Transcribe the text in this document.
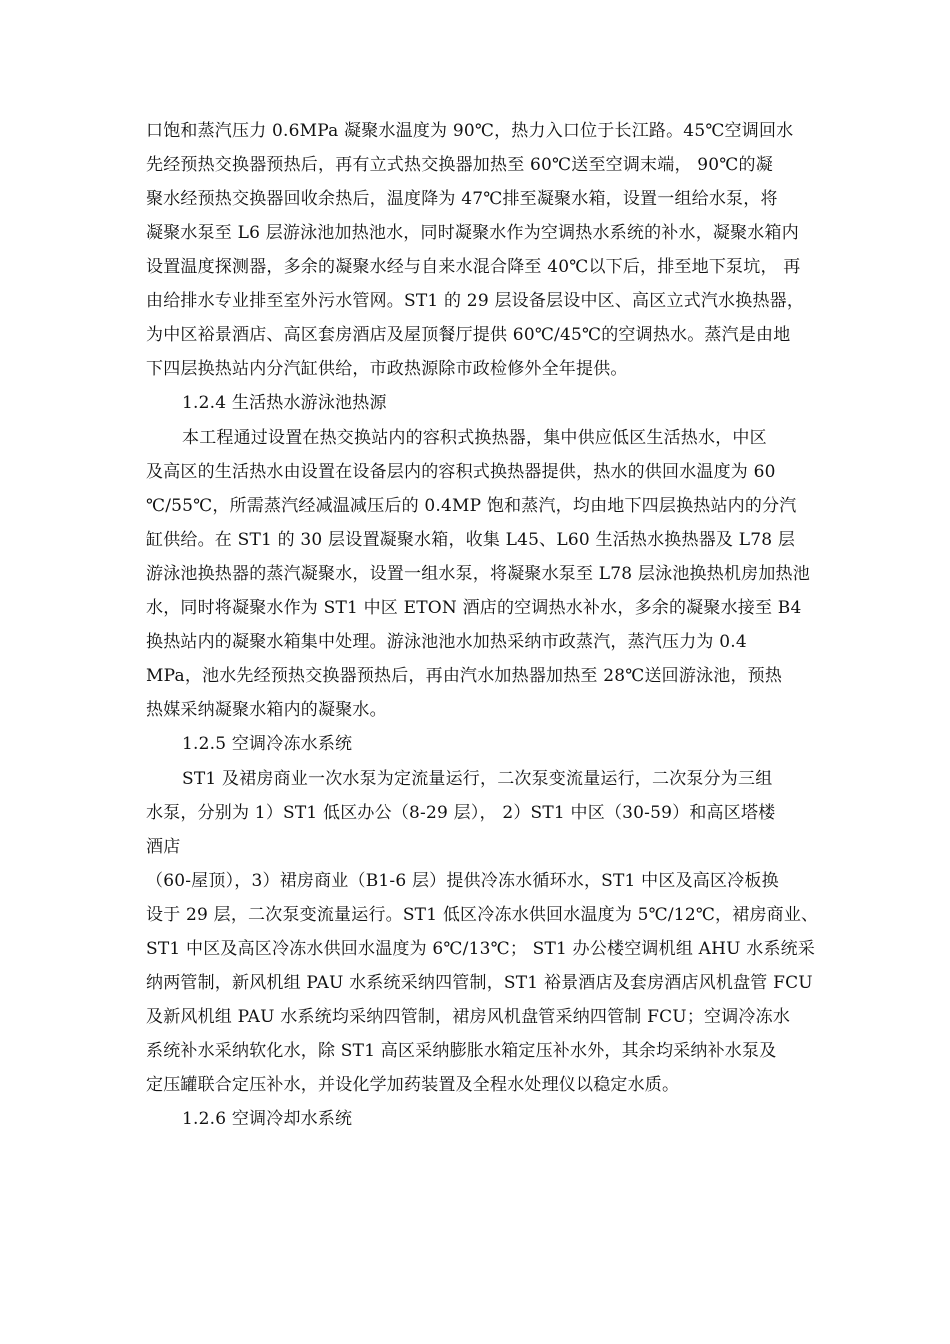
口饱和蒸汽压力 0.6MPa 凝聚水温度为 90℃，热力入口位于长江路。45℃空调回水
先经预热交换器预热后，再有立式热交换器加热至 60℃送至空调末端， 90℃的凝
聚水经预热交换器回收余热后，温度降为 47℃排至凝聚水箱，设置一组给水泵，将
凝聚水泵至 L6 层游泳池加热池水，同时凝聚水作为空调热水系统的补水，凝聚水箱内
设置温度探测器，多余的凝聚水经与自来水混合降至 40℃以下后，排至地下泵坑， 再
由给排水专业排至室外污水管网。ST1 的 29 层设备层设中区、高区立式汽水换热器，
为中区裕景酒店、高区套房酒店及屋顶餐厅提供 60℃/45℃的空调热水。蒸汽是由地
下四层换热站内分汽缸供给，市政热源除市政检修外全年提供。
1.2.4 生活热水游泳池热源
本工程通过设置在热交换站内的容积式换热器，集中供应低区生活热水，中区
及高区的生活热水由设置在设备层内的容积式换热器提供，热水的供回水温度为 60
℃/55℃，所需蒸汽经减温减压后的 0.4MP 饱和蒸汽，均由地下四层换热站内的分汽
缸供给。在 ST1 的 30 层设置凝聚水箱，收集 L45、L60 生活热水换热器及 L78 层
游泳池换热器的蒸汽凝聚水，设置一组水泵，将凝聚水泵至 L78 层泳池换热机房加热池
水，同时将凝聚水作为 ST1 中区 ETON 酒店的空调热水补水，多余的凝聚水接至 B4
换热站内的凝聚水箱集中处理。游泳池池水加热采纳市政蒸汽，蒸汽压力为 0.4
MPa，池水先经预热交换器预热后，再由汽水加热器加热至 28℃送回游泳池，预热
热媒采纳凝聚水箱内的凝聚水。
1.2.5 空调冷冻水系统
ST1 及裙房商业一次水泵为定流量运行，二次泵变流量运行，二次泵分为三组
水泵，分别为 1）ST1 低区办公（8-29 层）， 2）ST1 中区（30-59）和高区塔楼
酒店
（60-屋顶），3）裙房商业（B1-6 层）提供冷冻水循环水，ST1 中区及高区冷板换
设于 29 层，二次泵变流量运行。ST1 低区冷冻水供回水温度为 5℃/12℃，裙房商业、
ST1 中区及高区冷冻水供回水温度为 6℃/13℃； ST1 办公楼空调机组 AHU 水系统采
纳两管制，新风机组 PAU 水系统采纳四管制，ST1 裕景酒店及套房酒店风机盘管 FCU
及新风机组 PAU 水系统均采纳四管制，裙房风机盘管采纳四管制 FCU；空调冷冻水
系统补水采纳软化水，除 ST1 高区采纳膨胀水箱定压补水外，其余均采纳补水泵及
定压罐联合定压补水，并设化学加药装置及全程水处理仪以稳定水质。
1.2.6 空调冷却水系统
